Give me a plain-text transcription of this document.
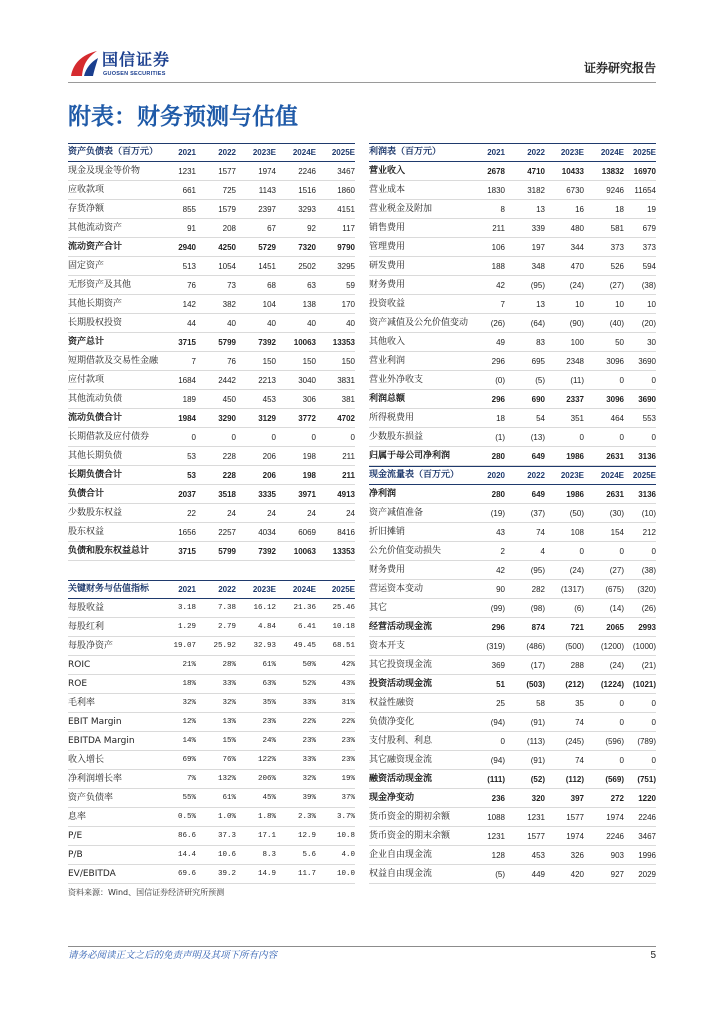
国信证券
GUOSEN SECURITIES	证券研究报告
附表：财务预测与估值
资产负债表（百万元）	2021	2022	2023E	2024E	2025E
现金及现金等价物	1231	1577	1974	2246	3467
应收款项	661	725	1143	1516	1860
存货净额	855	1579	2397	3293	4151
其他流动资产	91	208	67	92	117
流动资产合计	2940	4250	5729	7320	9790
固定资产	513	1054	1451	2502	3295
无形资产及其他	76	73	68	63	59
其他长期资产	142	382	104	138	170
长期股权投资	44	40	40	40	40
资产总计	3715	5799	7392	10063	13353
短期借款及交易性金融	7	76	150	150	150
应付款项	1684	2442	2213	3040	3831
其他流动负债	189	450	453	306	381
流动负债合计	1984	3290	3129	3772	4702
长期借款及应付债券	0	0	0	0	0
其他长期负债	53	228	206	198	211
长期负债合计	53	228	206	198	211
负债合计	2037	3518	3335	3971	4913
少数股东权益	22	24	24	24	24
股东权益	1656	2257	4034	6069	8416
负债和股东权益总计	3715	5799	7392	10063	13353
关键财务与估值指标	2021	2022	2023E	2024E	2025E
每股收益	3.18	7.38	16.12	21.36	25.46
每股红利	1.29	2.79	4.84	6.41	10.18
每股净资产	19.07	25.92	32.93	49.45	68.51
ROIC	21%	28%	61%	50%	42%
ROE	18%	33%	63%	52%	43%
毛利率	32%	32%	35%	33%	31%
EBIT Margin	12%	13%	23%	22%	22%
EBITDA Margin	14%	15%	24%	23%	23%
收入增长	69%	76%	122%	33%	23%
净利润增长率	7%	132%	206%	32%	19%
资产负债率	55%	61%	45%	39%	37%
息率	0.5%	1.0%	1.8%	2.3%	3.7%
P/E	86.6	37.3	17.1	12.9	10.8
P/B	14.4	10.6	8.3	5.6	4.0
EV/EBITDA	69.6	39.2	14.9	11.7	10.0
利润表（百万元）	2021	2022	2023E	2024E	2025E
营业收入	2678	4710	10433	13832	16970
营业成本	1830	3182	6730	9246	11654
营业税金及附加	8	13	16	18	19
销售费用	211	339	480	581	679
管理费用	106	197	344	373	373
研发费用	188	348	470	526	594
财务费用	42	(95)	(24)	(27)	(38)
投资收益	7	13	10	10	10
资产减值及公允价值变动	(26)	(64)	(90)	(40)	(20)
其他收入	49	83	100	50	30
营业利润	296	695	2348	3096	3690
营业外净收支	(0)	(5)	(11)	0	0
利润总额	296	690	2337	3096	3690
所得税费用	18	54	351	464	553
少数股东损益	(1)	(13)	0	0	0
归属于母公司净利润	280	649	1986	2631	3136
现金流量表（百万元）	2020	2022	2023E	2024E	2025E
净利润	280	649	1986	2631	3136
资产减值准备	(19)	(37)	(50)	(30)	(10)
折旧摊销	43	74	108	154	212
公允价值变动损失	2	4	0	0	0
财务费用	42	(95)	(24)	(27)	(38)
营运资本变动	90	282	(1317)	(675)	(320)
其它	(99)	(98)	(6)	(14)	(26)
经营活动现金流	296	874	721	2065	2993
资本开支	(319)	(486)	(500)	(1200)	(1000)
其它投资现金流	369	(17)	288	(24)	(21)
投资活动现金流	51	(503)	(212)	(1224)	(1021)
权益性融资	25	58	35	0	0
负债净变化	(94)	(91)	74	0	0
支付股利、利息	0	(113)	(245)	(596)	(789)
其它融资现金流	(94)	(91)	74	0	0
融资活动现金流	(111)	(52)	(112)	(569)	(751)
现金净变动	236	320	397	272	1220
货币资金的期初余额	1088	1231	1577	1974	2246
货币资金的期末余额	1231	1577	1974	2246	3467
企业自由现金流	128	453	326	903	1996
权益自由现金流	(5)	449	420	927	2029
资料来源：Wind、国信证券经济研究所预测
请务必阅读正文之后的免责声明及其项下所有内容	5
